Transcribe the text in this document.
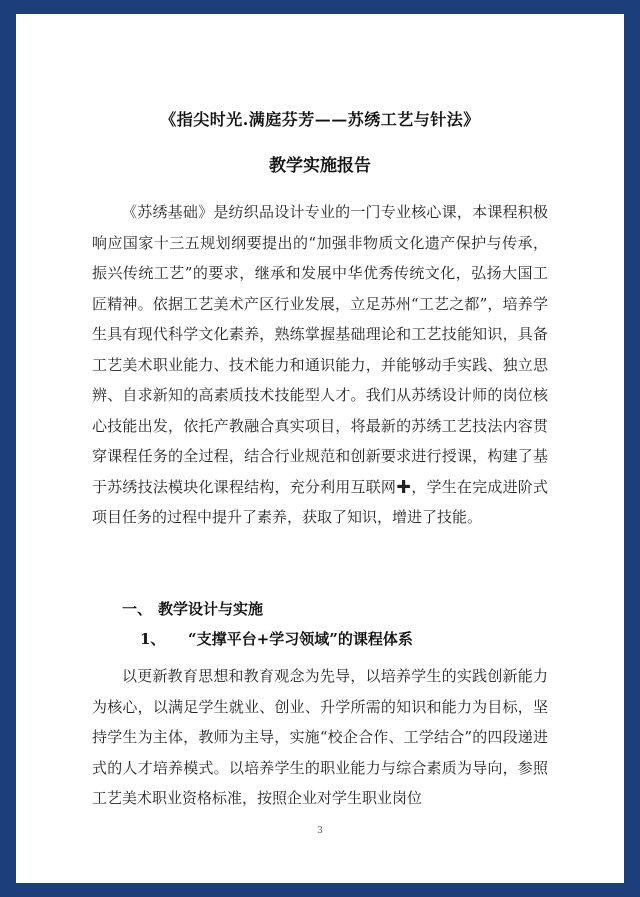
《指尖时光.满庭芬芳——苏绣工艺与针法》
教学实施报告

《苏绣基础》是纺织品设计专业的一门专业核心课，本课程积极响应国家十三五规划纲要提出的“加强非物质文化遗产保护与传承，振兴传统工艺”的要求，继承和发展中华优秀传统文化，弘扬大国工匠精神。依据工艺美术产区行业发展，立足苏州“工艺之都”，培养学生具有现代科学文化素养，熟练掌握基础理论和工艺技能知识，具备工艺美术职业能力、技术能力和通识能力，并能够动手实践、独立思辨、自求新知的高素质技术技能型人才。我们从苏绣设计师的岗位核心技能出发，依托产教融合真实项目，将最新的苏绣工艺技法内容贯穿课程任务的全过程，结合行业规范和创新要求进行授课，构建了基于苏绣技法模块化课程结构，充分利用互联网✚，学生在完成进阶式项目任务的过程中提升了素养，获取了知识，增进了技能。

一、 教学设计与实施
1、 “支撑平台+学习领域”的课程体系

以更新教育思想和教育观念为先导，以培养学生的实践创新能力为核心，以满足学生就业、创业、升学所需的知识和能力为目标，坚持学生为主体，教师为主导，实施“校企合作、工学结合”的四段递进式的人才培养模式。以培养学生的职业能力与综合素质为导向，参照工艺美术职业资格标准，按照企业对学生职业岗位

3
